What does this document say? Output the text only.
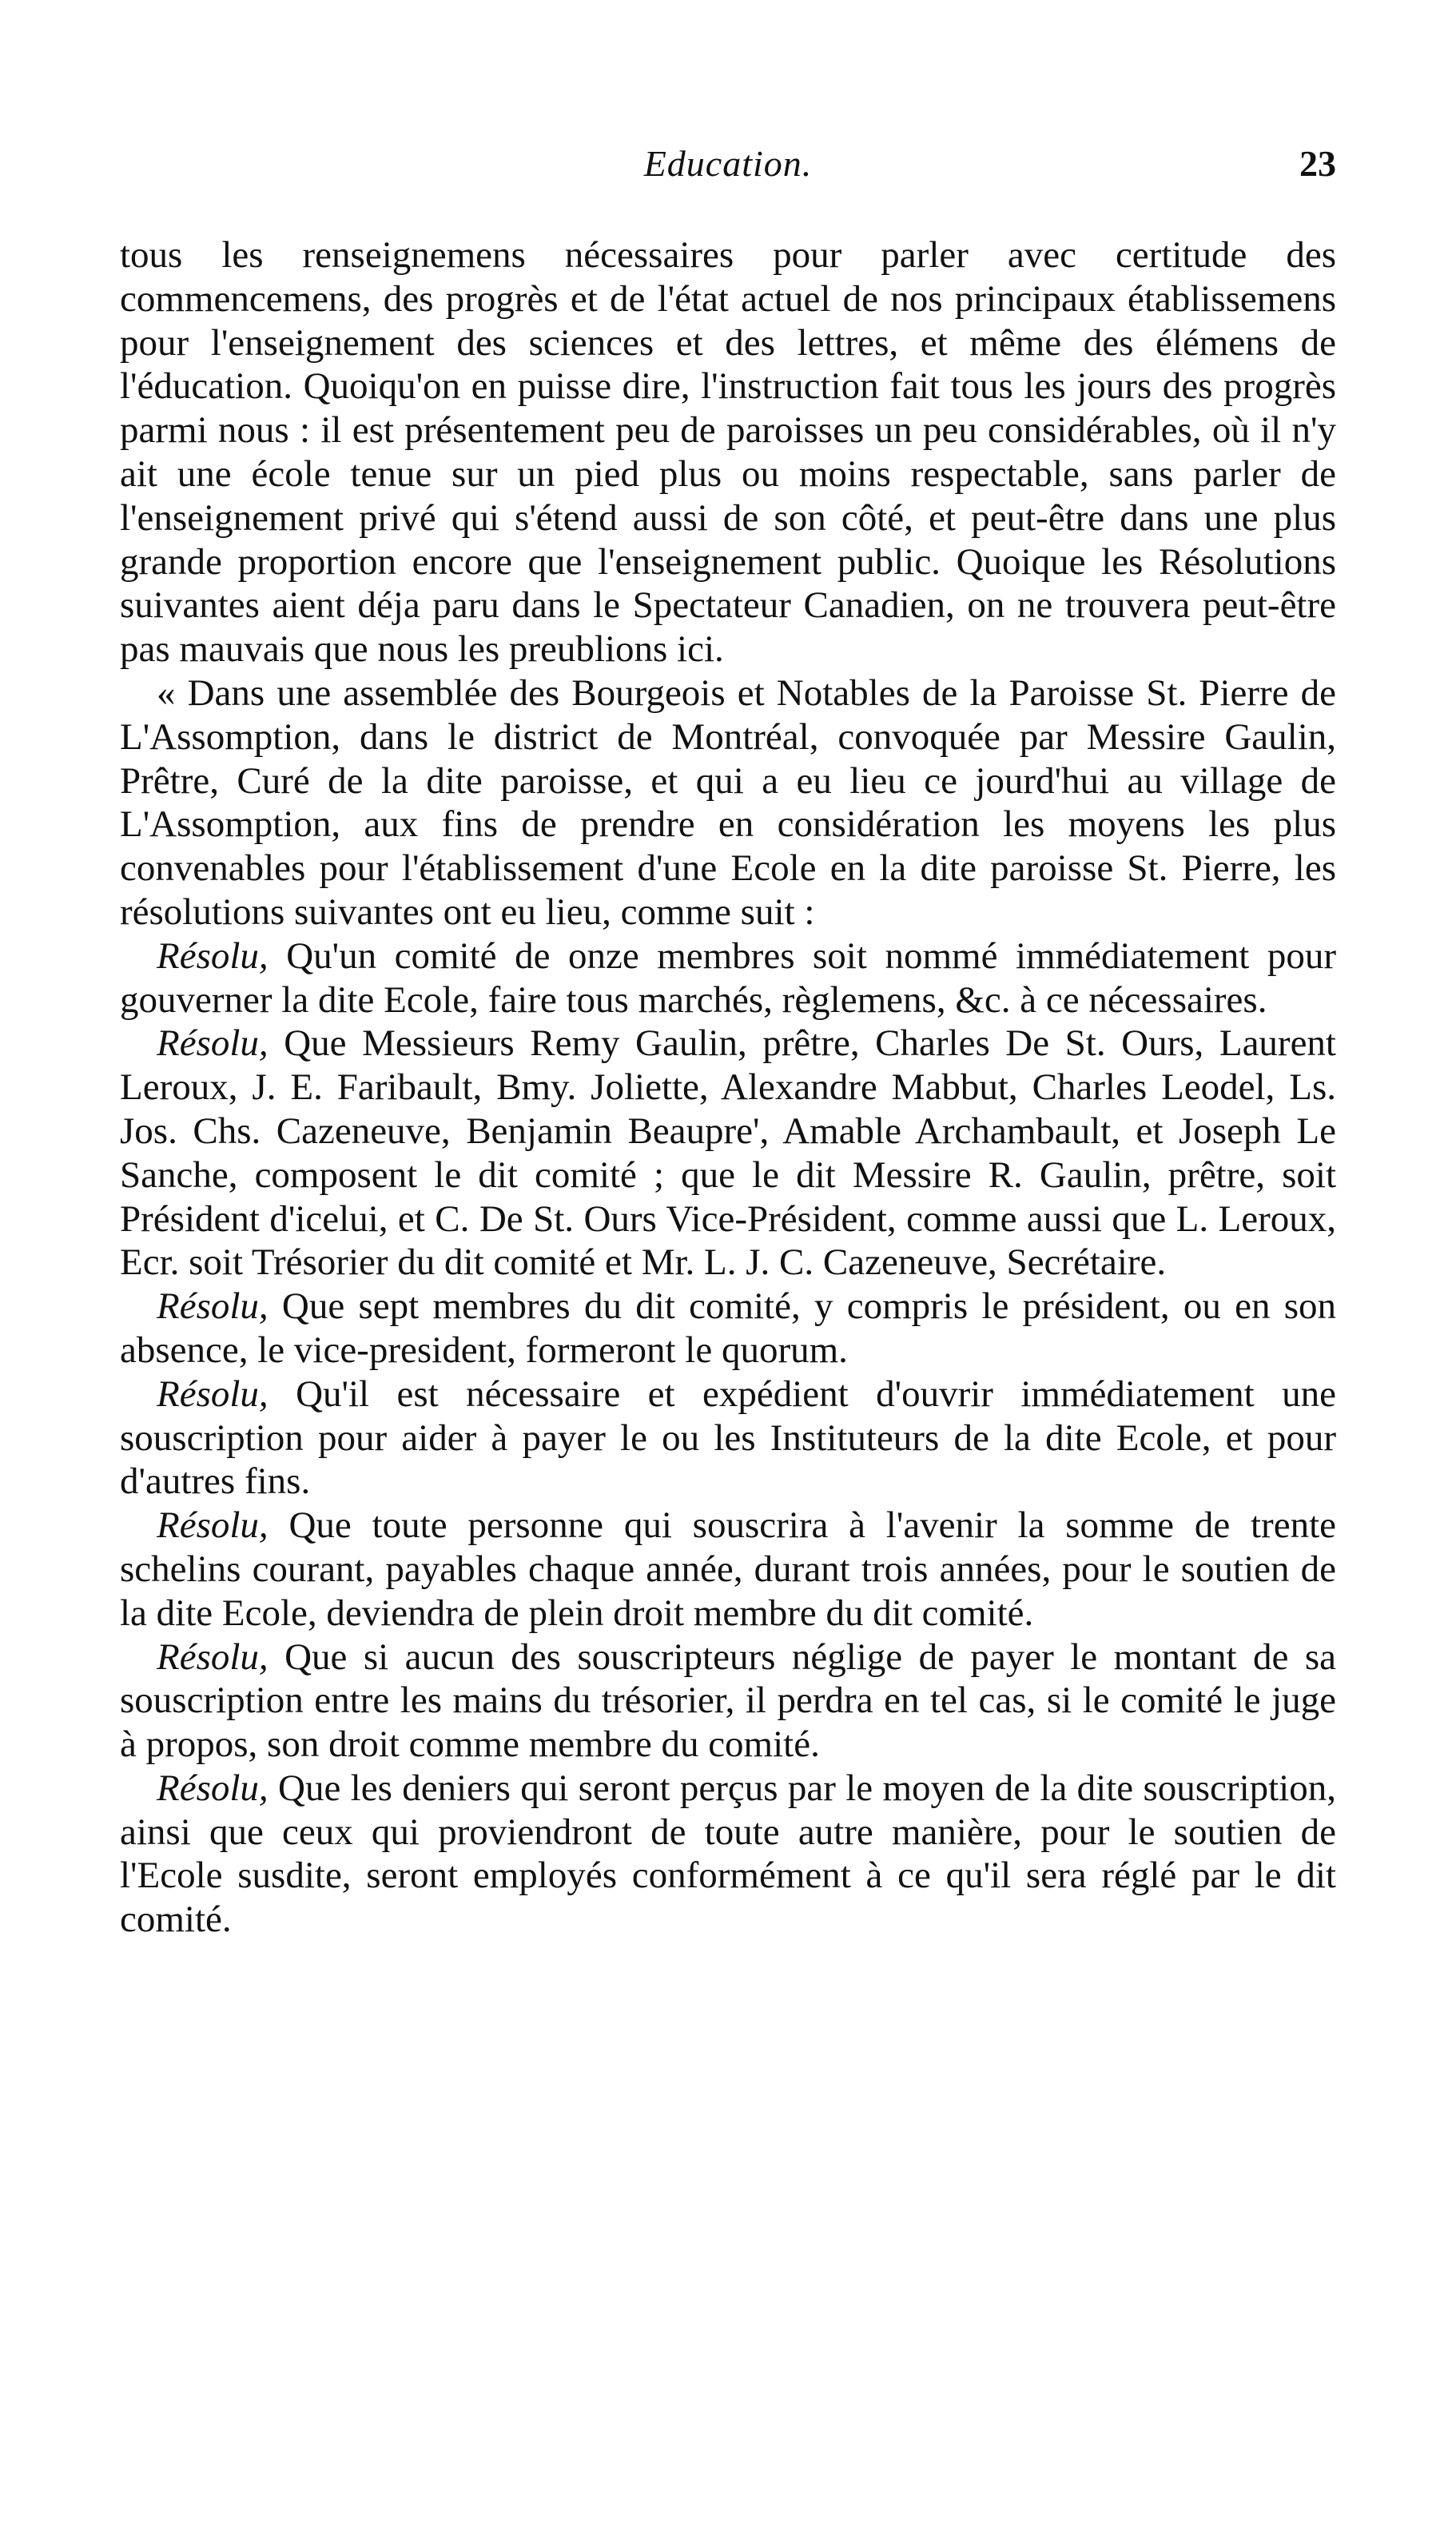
Education.	23

tous les renseignemens nécessaires pour parler avec certitude des commencemens, des progrès et de l'état actuel de nos principaux établissemens pour l'enseignement des sciences et des lettres, et même des élémens de l'éducation. Quoiqu'on en puisse dire, l'instruction fait tous les jours des progrès parmi nous : il est présentement peu de paroisses un peu considérables, où il n'y ait une école tenue sur un pied plus ou moins respectable, sans parler de l'enseignement privé qui s'étend aussi de son côté, et peut-être dans une plus grande proportion encore que l'enseignement public. Quoique les Résolutions suivantes aient déja paru dans le Spectateur Canadien, on ne trouvera peut-être pas mauvais que nous les preublions ici.

« Dans une assemblée des Bourgeois et Notables de la Paroisse St. Pierre de L'Assomption, dans le district de Montréal, convoquée par Messire Gaulin, Prêtre, Curé de la dite paroisse, et qui a eu lieu ce jourd'hui au village de L'Assomption, aux fins de prendre en considération les moyens les plus convenables pour l'établissement d'une Ecole en la dite paroisse St. Pierre, les résolutions suivantes ont eu lieu, comme suit :

Résolu, Qu'un comité de onze membres soit nommé immédiatement pour gouverner la dite Ecole, faire tous marchés, règlemens, &c. à ce nécessaires.

Résolu, Que Messieurs Remy Gaulin, prêtre, Charles De St. Ours, Laurent Leroux, J. E. Faribault, Bmy. Joliette, Alexandre Mabbut, Charles Leodel, Ls. Jos. Chs. Cazeneuve, Benjamin Beaupre', Amable Archambault, et Joseph Le Sanche, composent le dit comité ; que le dit Messire R. Gaulin, prêtre, soit Président d'icelui, et C. De St. Ours Vice-Président, comme aussi que L. Leroux, Ecr. soit Trésorier du dit comité et Mr. L. J. C. Cazeneuve, Secrétaire.

Résolu, Que sept membres du dit comité, y compris le président, ou en son absence, le vice-president, formeront le quorum.

Résolu, Qu'il est nécessaire et expédient d'ouvrir immédiatement une souscription pour aider à payer le ou les Instituteurs de la dite Ecole, et pour d'autres fins.

Résolu, Que toute personne qui souscrira à l'avenir la somme de trente schelins courant, payables chaque année, durant trois années, pour le soutien de la dite Ecole, deviendra de plein droit membre du dit comité.

Résolu, Que si aucun des souscripteurs néglige de payer le montant de sa souscription entre les mains du trésorier, il perdra en tel cas, si le comité le juge à propos, son droit comme membre du comité.

Résolu, Que les deniers qui seront perçus par le moyen de la dite souscription, ainsi que ceux qui proviendront de toute autre manière, pour le soutien de l'Ecole susdite, seront employés conformément à ce qu'il sera réglé par le dit comité.
